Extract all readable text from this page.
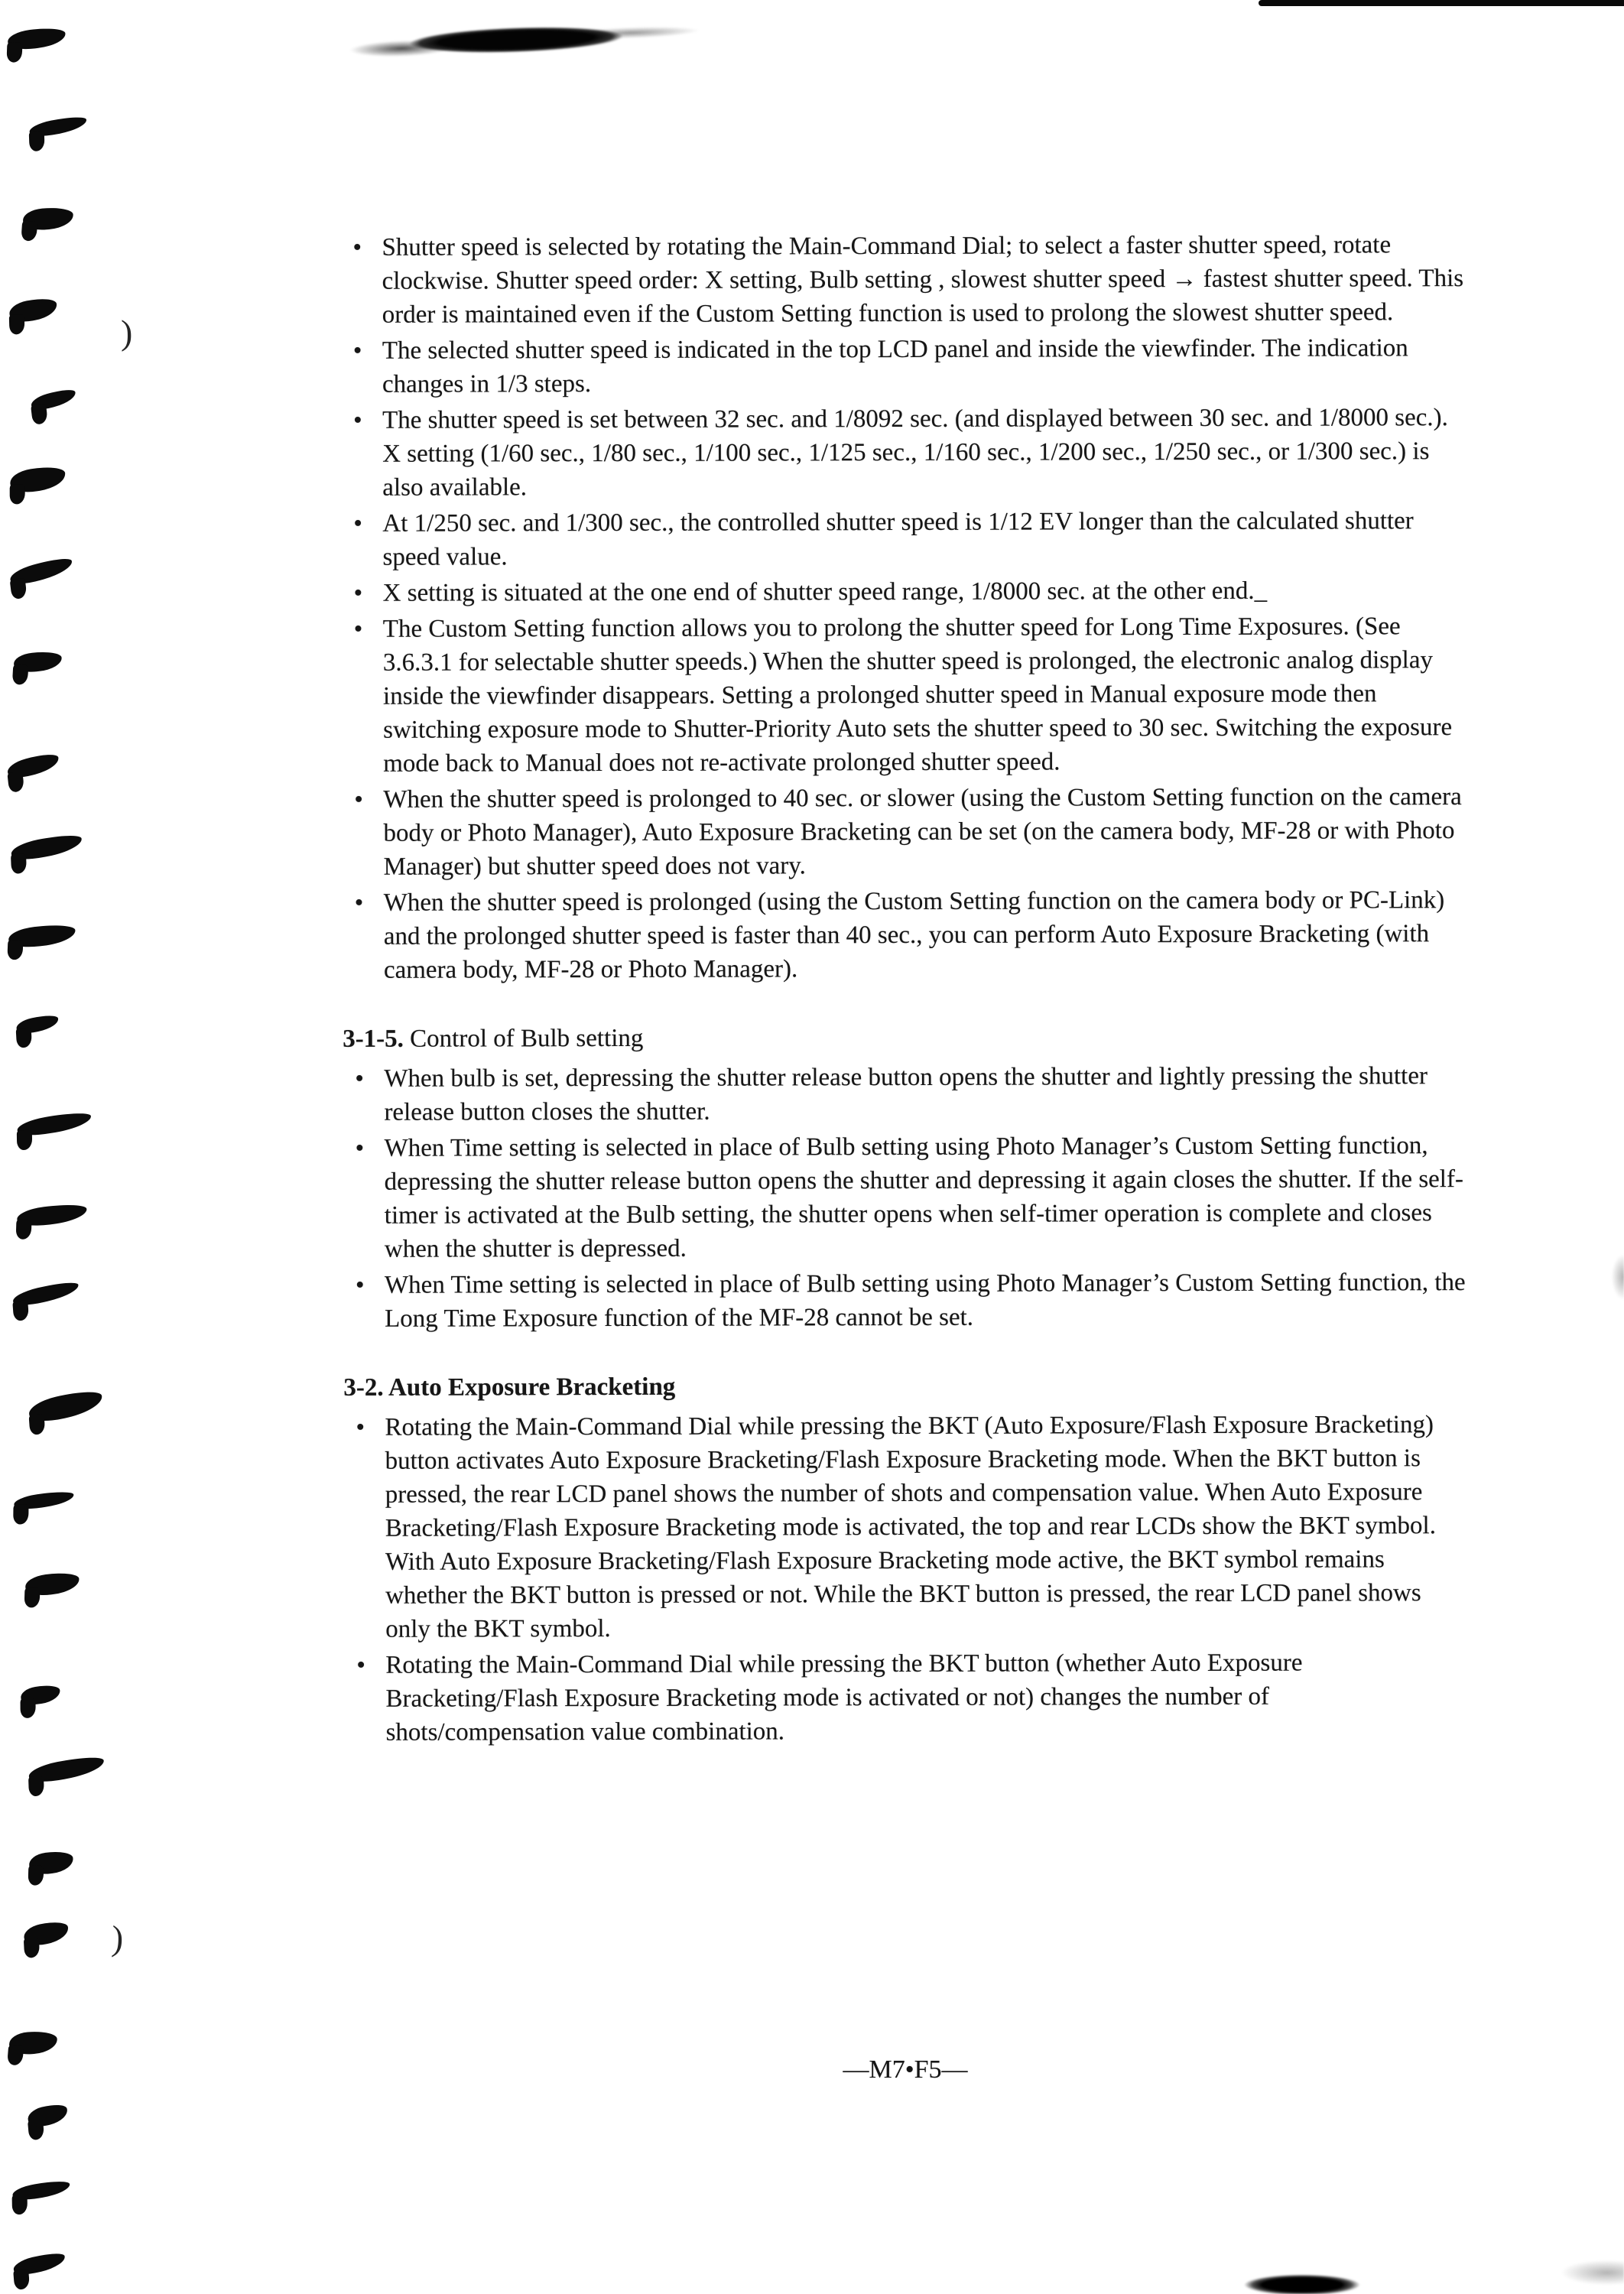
)
)
• Shutter speed is selected by rotating the Main-Command Dial; to select a faster shutter speed, rotate clockwise. Shutter speed order: X setting, Bulb setting , slowest shutter speed → fastest shutter speed. This order is maintained even if the Custom Setting function is used to prolong the slowest shutter speed.
• The selected shutter speed is indicated in the top LCD panel and inside the viewfinder. The indication changes in 1/3 steps.
• The shutter speed is set between 32 sec. and 1/8092 sec. (and displayed between 30 sec. and 1/8000 sec.). X setting (1/60 sec., 1/80 sec., 1/100 sec., 1/125 sec., 1/160 sec., 1/200 sec., 1/250 sec., or 1/300 sec.) is also available.
• At 1/250 sec. and 1/300 sec., the controlled shutter speed is 1/12 EV longer than the calculated shutter speed value.
• X setting is situated at the one end of shutter speed range, 1/8000 sec. at the other end._
• The Custom Setting function allows you to prolong the shutter speed for Long Time Exposures. (See 3.6.3.1 for selectable shutter speeds.) When the shutter speed is prolonged, the electronic analog display inside the viewfinder disappears. Setting a prolonged shutter speed in Manual exposure mode then switching exposure mode to Shutter-Priority Auto sets the shutter speed to 30 sec. Switching the exposure mode back to Manual does not re-activate prolonged shutter speed.
• When the shutter speed is prolonged to 40 sec. or slower (using the Custom Setting function on the camera body or Photo Manager), Auto Exposure Bracketing can be set (on the camera body, MF-28 or with Photo Manager) but shutter speed does not vary.
• When the shutter speed is prolonged (using the Custom Setting function on the camera body or PC-Link) and the prolonged shutter speed is faster than 40 sec., you can perform Auto Exposure Bracketing (with camera body, MF-28 or Photo Manager).
3-1-5. Control of Bulb setting
• When bulb is set, depressing the shutter release button opens the shutter and lightly pressing the shutter release button closes the shutter.
• When Time setting is selected in place of Bulb setting using Photo Manager’s Custom Setting function, depressing the shutter release button opens the shutter and depressing it again closes the shutter. If the self-timer is activated at the Bulb setting, the shutter opens when self-timer operation is complete and closes when the shutter is depressed.
• When Time setting is selected in place of Bulb setting using Photo Manager’s Custom Setting function, the Long Time Exposure function of the MF-28 cannot be set.
3-2. Auto Exposure Bracketing
• Rotating the Main-Command Dial while pressing the BKT (Auto Exposure/Flash Exposure Bracketing) button activates Auto Exposure Bracketing/Flash Exposure Bracketing mode. When the BKT button is pressed, the rear LCD panel shows the number of shots and compensation value. When Auto Exposure Bracketing/Flash Exposure Bracketing mode is activated, the top and rear LCDs show the BKT symbol. With Auto Exposure Bracketing/Flash Exposure Bracketing mode active, the BKT symbol remains whether the BKT button is pressed or not. While the BKT button is pressed, the rear LCD panel shows only the BKT symbol.
• Rotating the Main-Command Dial while pressing the BKT button (whether Auto Exposure Bracketing/Flash Exposure Bracketing mode is activated or not) changes the number of shots/compensation value combination.
—M7•F5—
